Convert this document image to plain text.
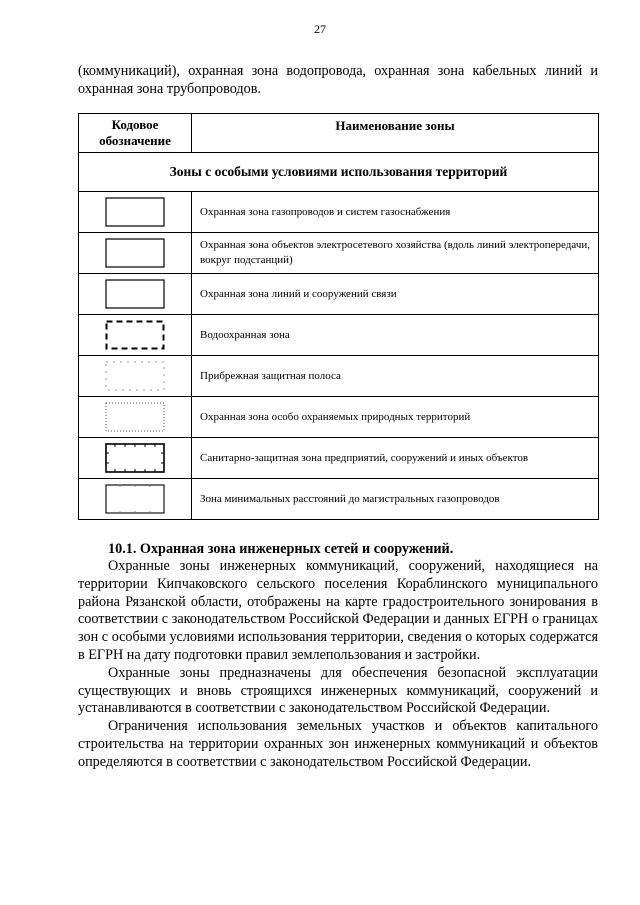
27

(коммуникаций), охранная зона водопровода, охранная зона кабельных линий и охранная зона трубопроводов.

Кодовое обозначение	Наименование зоны
Зоны с особыми условиями использования территорий	

	Охранная зона газопроводов и систем газоснабжения

	Охранная зона объектов электросетевого хозяйства (вдоль линий электропередачи, вокруг подстанций)

	Охранная зона линий и сооружений связи

	Водоохранная зона

	Прибрежная защитная полоса

	Охранная зона особо охраняемых природных территорий

	Санитарно-защитная зона предприятий, сооружений и иных объектов

	Зона минимальных расстояний до магистральных газопроводов
10.1. Охранная зона инженерных сетей и сооружений.

Охранные зоны инженерных коммуникаций, сооружений, находящиеся на территории Кипчаковского сельского поселения Кораблинского муниципального района Рязанской области, отображены на карте градостроительного зонирования в соответствии с законодательством Российской Федерации и данных ЕГРН о границах зон с особыми условиями использования территории, сведения о которых содержатся в ЕГРН на дату подготовки правил землепользования и застройки.

Охранные зоны предназначены для обеспечения безопасной эксплуатации существующих и вновь строящихся инженерных коммуникаций, сооружений и устанавливаются в соответствии с законодательством Российской Федерации.

Ограничения использования земельных участков и объектов капитального строительства на территории охранных зон инженерных коммуникаций и объектов определяются в соответствии с законодательством Российской Федерации.
